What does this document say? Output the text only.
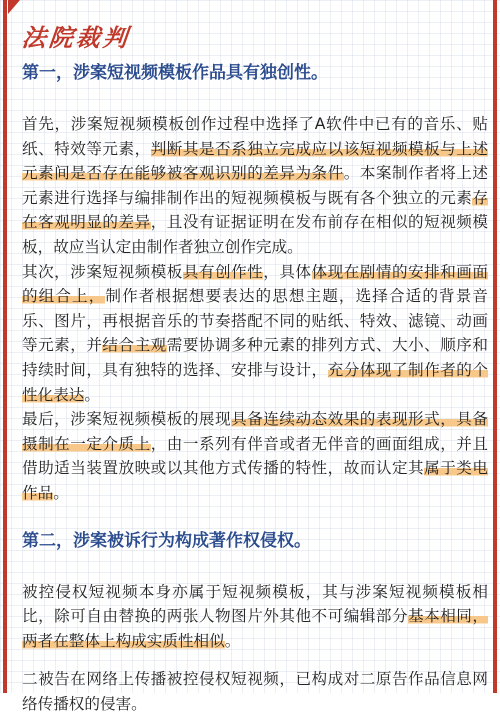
法院裁判
第一，涉案短视频模板作品具有独创性。

首先，涉案短视频模板创作过程中选择了A软件中已有的音乐、贴纸、特效等元素，判断其是否系独立完成应以该短视频模板与上述元素间是否存在能够被客观识别的差异为条件。本案制作者将上述元素进行选择与编排制作出的短视频模板与既有各个独立的元素存在客观明显的差异，且没有证据证明在发布前存在相似的短视频模板，故应当认定由制作者独立创作完成。

其次，涉案短视频模板具有创作性，具体体现在剧情的安排和画面的组合上，制作者根据想要表达的思想主题，选择合适的背景音乐、图片，再根据音乐的节奏搭配不同的贴纸、特效、滤镜、动画等元素，并结合主观需要协调多种元素的排列方式、大小、顺序和持续时间，具有独特的选择、安排与设计，充分体现了制作者的个性化表达。

最后，涉案短视频模板的展现具备连续动态效果的表现形式，具备摄制在一定介质上，由一系列有伴音或者无伴音的画面组成，并且借助适当装置放映或以其他方式传播的特性，故而认定其属于类电作品。

第二，涉案被诉行为构成著作权侵权。

被控侵权短视频本身亦属于短视频模板，其与涉案短视频模板相比，除可自由替换的两张人物图片外其他不可编辑部分基本相同，两者在整体上构成实质性相似。

二被告在网络上传播被控侵权短视频，已构成对二原告作品信息网络传播权的侵害。
